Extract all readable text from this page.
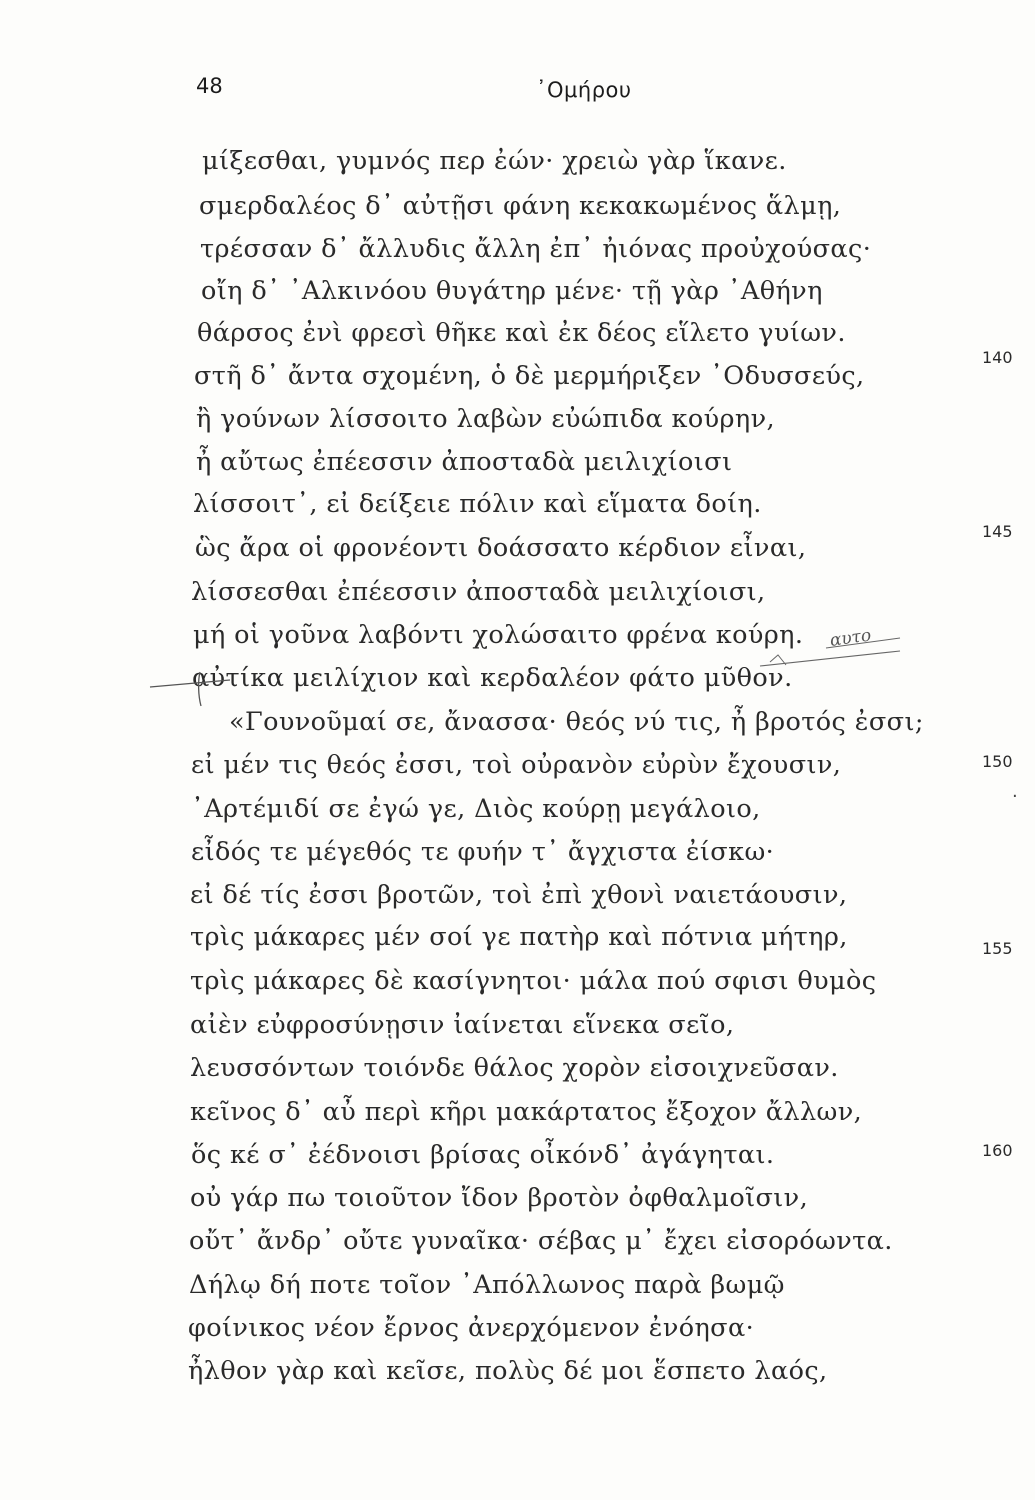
48	᾽Ομήρου
μίξεσθαι, γυμνός περ ἐών· χρειὼ γὰρ ἵκανε.
σμερδαλέος δ᾽ αὐτῇσι φάνη κεκακωμένος ἅλμῃ,
τρέσσαν δ᾽ ἄλλυδις ἄλλη ἐπ᾽ ἠιόνας προὐχούσας·
οἴη δ᾽ ᾽Αλκινόου θυγάτηρ μένε· τῇ γὰρ ᾽Αθήνη
θάρσος ἐνὶ φρεσὶ θῆκε καὶ ἐκ δέος εἵλετο γυίων.
στῆ δ᾽ ἄντα σχομένη, ὁ δὲ μερμήριξεν ᾽Οδυσσεύς,
ἢ γούνων λίσσοιτο λαβὼν εὐώπιδα κούρην,
ἦ αὔτως ἐπέεσσιν ἀποσταδὰ μειλιχίοισι
λίσσοιτ᾽, εἰ δείξειε πόλιν καὶ εἵματα δοίη.
ὣς ἄρα οἱ φρονέοντι δοάσσατο κέρδιον εἶναι,
λίσσεσθαι ἐπέεσσιν ἀποσταδὰ μειλιχίοισι,
μή οἱ γοῦνα λαβόντι χολώσαιτο φρένα κούρη.
αὐτίκα μειλίχιον καὶ κερδαλέον φάτο μῦθον.
«Γουνοῦμαί σε, ἄνασσα· θεός νύ τις, ἦ βροτός ἐσσι;
εἰ μέν τις θεός ἐσσι, τοὶ οὐρανὸν εὐρὺν ἔχουσιν,
᾽Αρτέμιδί σε ἐγώ γε, Διὸς κούρῃ μεγάλοιο,
εἶδός τε μέγεθός τε φυήν τ᾽ ἄγχιστα ἐίσκω·
εἰ δέ τίς ἐσσι βροτῶν, τοὶ ἐπὶ χθονὶ ναιετάουσιν,
τρὶς μάκαρες μέν σοί γε πατὴρ καὶ πότνια μήτηρ,
τρὶς μάκαρες δὲ κασίγνητοι· μάλα πού σφισι θυμὸς
αἰὲν εὐφροσύνῃσιν ἰαίνεται εἵνεκα σεῖο,
λευσσόντων τοιόνδε θάλος χορὸν εἰσοιχνεῦσαν.
κεῖνος δ᾽ αὖ περὶ κῆρι μακάρτατος ἔξοχον ἄλλων,
ὅς κέ σ᾽ ἐέδνοισι βρίσας οἶκόνδ᾽ ἀγάγηται.
οὐ γάρ πω τοιοῦτον ἴδον βροτὸν ὀφθαλμοῖσιν,
οὔτ᾽ ἄνδρ᾽ οὔτε γυναῖκα· σέβας μ᾽ ἔχει εἰσορόωντα.
Δήλῳ δή ποτε τοῖον ᾽Απόλλωνος παρὰ βωμῷ
φοίνικος νέον ἔρνος ἀνερχόμενον ἐνόησα·
ἦλθον γὰρ καὶ κεῖσε, πολὺς δέ μοι ἕσπετο λαός,
140
145
150
155
160
.
αυτο
